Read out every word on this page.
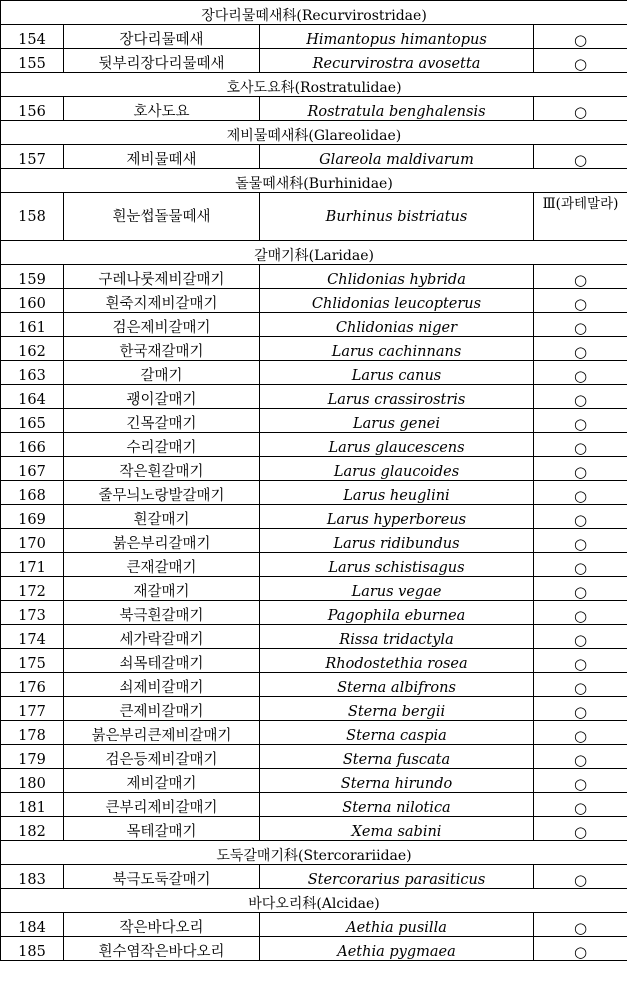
장다리물떼새科(Recurvirostridae)			
154	장다리물떼새	Himantopus himantopus	○
155	뒷부리장다리물떼새	Recurvirostra avosetta	○
호사도요科(Rostratulidae)			
156	호사도요	Rostratula benghalensis	○
제비물떼새科(Glareolidae)			
157	제비물떼새	Glareola maldivarum	○
돌물떼새科(Burhinidae)			
158	흰눈썹돌물떼새	Burhinus bistriatus	Ⅲ(과테말라)
갈매기科(Laridae)			
159	구레나룻제비갈매기	Chlidonias hybrida	○
160	흰죽지제비갈매기	Chlidonias leucopterus	○
161	검은제비갈매기	Chlidonias niger	○
162	한국재갈매기	Larus cachinnans	○
163	갈매기	Larus canus	○
164	괭이갈매기	Larus crassirostris	○
165	긴목갈매기	Larus genei	○
166	수리갈매기	Larus glaucescens	○
167	작은흰갈매기	Larus glaucoides	○
168	줄무늬노랑발갈매기	Larus heuglini	○
169	흰갈매기	Larus hyperboreus	○
170	붉은부리갈매기	Larus ridibundus	○
171	큰재갈매기	Larus schistisagus	○
172	재갈매기	Larus vegae	○
173	북극흰갈매기	Pagophila eburnea	○
174	세가락갈매기	Rissa tridactyla	○
175	쇠목테갈매기	Rhodostethia rosea	○
176	쇠제비갈매기	Sterna albifrons	○
177	큰제비갈매기	Sterna bergii	○
178	붉은부리큰제비갈매기	Sterna caspia	○
179	검은등제비갈매기	Sterna fuscata	○
180	제비갈매기	Sterna hirundo	○
181	큰부리제비갈매기	Sterna nilotica	○
182	목테갈매기	Xema sabini	○
도둑갈매기科(Stercorariidae)			
183	북극도둑갈매기	Stercorarius parasiticus	○
바다오리科(Alcidae)			
184	작은바다오리	Aethia pusilla	○
185	흰수염작은바다오리	Aethia pygmaea	○
